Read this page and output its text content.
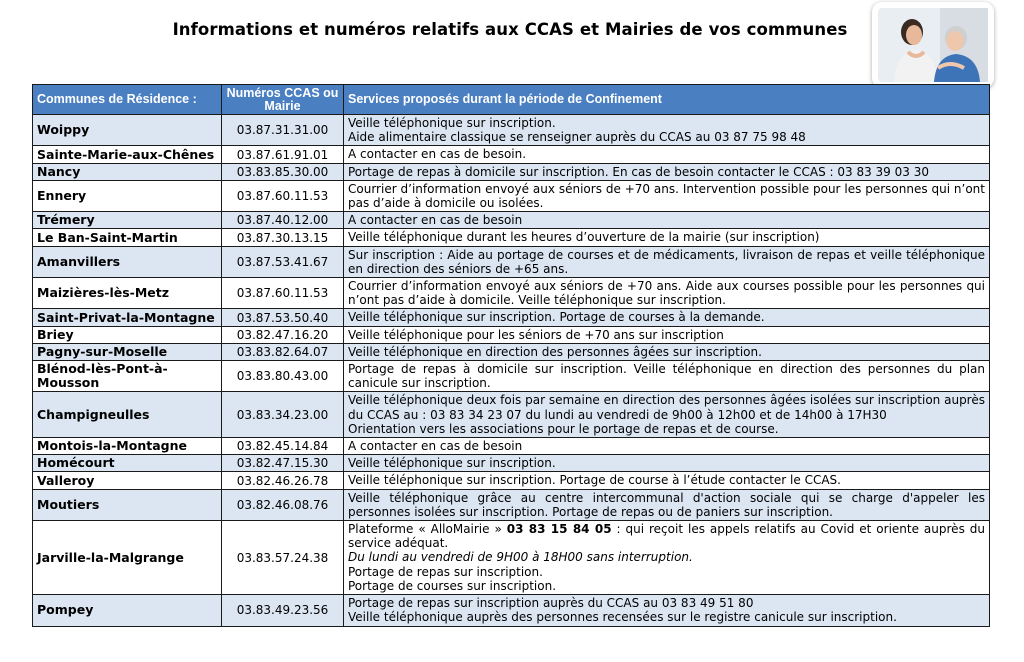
Informations et numéros relatifs aux CCAS et Mairies de vos communes
Communes de Résidence :	Numéros CCAS ou Mairie	Services proposés durant la période de Confinement
Woippy	03.87.31.31.00	Veille téléphonique sur inscription.
Aide alimentaire classique se renseigner auprès du CCAS au 03 87 75 98 48

Sainte-Marie-aux-Chênes	03.87.61.91.01	A contacter en cas de besoin.

Nancy	03.83.85.30.00	Portage de repas à domicile sur inscription. En cas de besoin contacter le CCAS : 03 83 39 03 30

Ennery	03.87.60.11.53	Courrier d’information envoyé aux séniors de +70 ans. Intervention possible pour les personnes qui n’ont pas d’aide à domicile ou isolées.

Trémery	03.87.40.12.00	A contacter en cas de besoin

Le Ban-Saint-Martin	03.87.30.13.15	Veille téléphonique durant les heures d’ouverture de la mairie (sur inscription)

Amanvillers	03.87.53.41.67	Sur inscription : Aide au portage de courses et de médicaments, livraison de repas et veille téléphonique en direction des séniors de +65 ans.

Maizières-lès-Metz	03.87.60.11.53	Courrier d’information envoyé aux séniors de +70 ans. Aide aux courses possible pour les personnes qui n’ont pas d’aide à domicile. Veille téléphonique sur inscription.

Saint-Privat-la-Montagne	03.87.53.50.40	Veille téléphonique sur inscription. Portage de courses à la demande.

Briey	03.82.47.16.20	Veille téléphonique pour les séniors de +70 ans sur inscription

Pagny-sur-Moselle	03.83.82.64.07	Veille téléphonique en direction des personnes âgées sur inscription.

Blénod-lès-Pont-à-Mousson	03.83.80.43.00	Portage de repas à domicile sur inscription. Veille téléphonique en direction des personnes du plan canicule sur inscription.

Champigneulles	03.83.34.23.00	Veille téléphonique deux fois par semaine en direction des personnes âgées isolées sur inscription auprès du CCAS au : 03 83 34 23 07 du lundi au vendredi de 9h00 à 12h00 et de 14h00 à 17H30
Orientation vers les associations pour le portage de repas et de course.

Montois-la-Montagne	03.82.45.14.84	A contacter en cas de besoin

Homécourt	03.82.47.15.30	Veille téléphonique sur inscription.

Valleroy	03.82.46.26.78	Veille téléphonique sur inscription. Portage de course à l’étude contacter le CCAS.

Moutiers	03.82.46.08.76	Veille téléphonique grâce au centre intercommunal d'action sociale qui se charge d'appeler les personnes isolées sur inscription. Portage de repas ou de paniers sur inscription.

Jarville-la-Malgrange	03.83.57.24.38	Plateforme « AlloMairie » 03 83 15 84 05 : qui reçoit les appels relatifs au Covid et oriente auprès du service adéquat.
Du lundi au vendredi de 9H00 à 18H00 sans interruption.
Portage de repas sur inscription.
Portage de courses sur inscription.

Pompey	03.83.49.23.56	Portage de repas sur inscription auprès du CCAS au 03 83 49 51 80
Veille téléphonique auprès des personnes recensées sur le registre canicule sur inscription.
